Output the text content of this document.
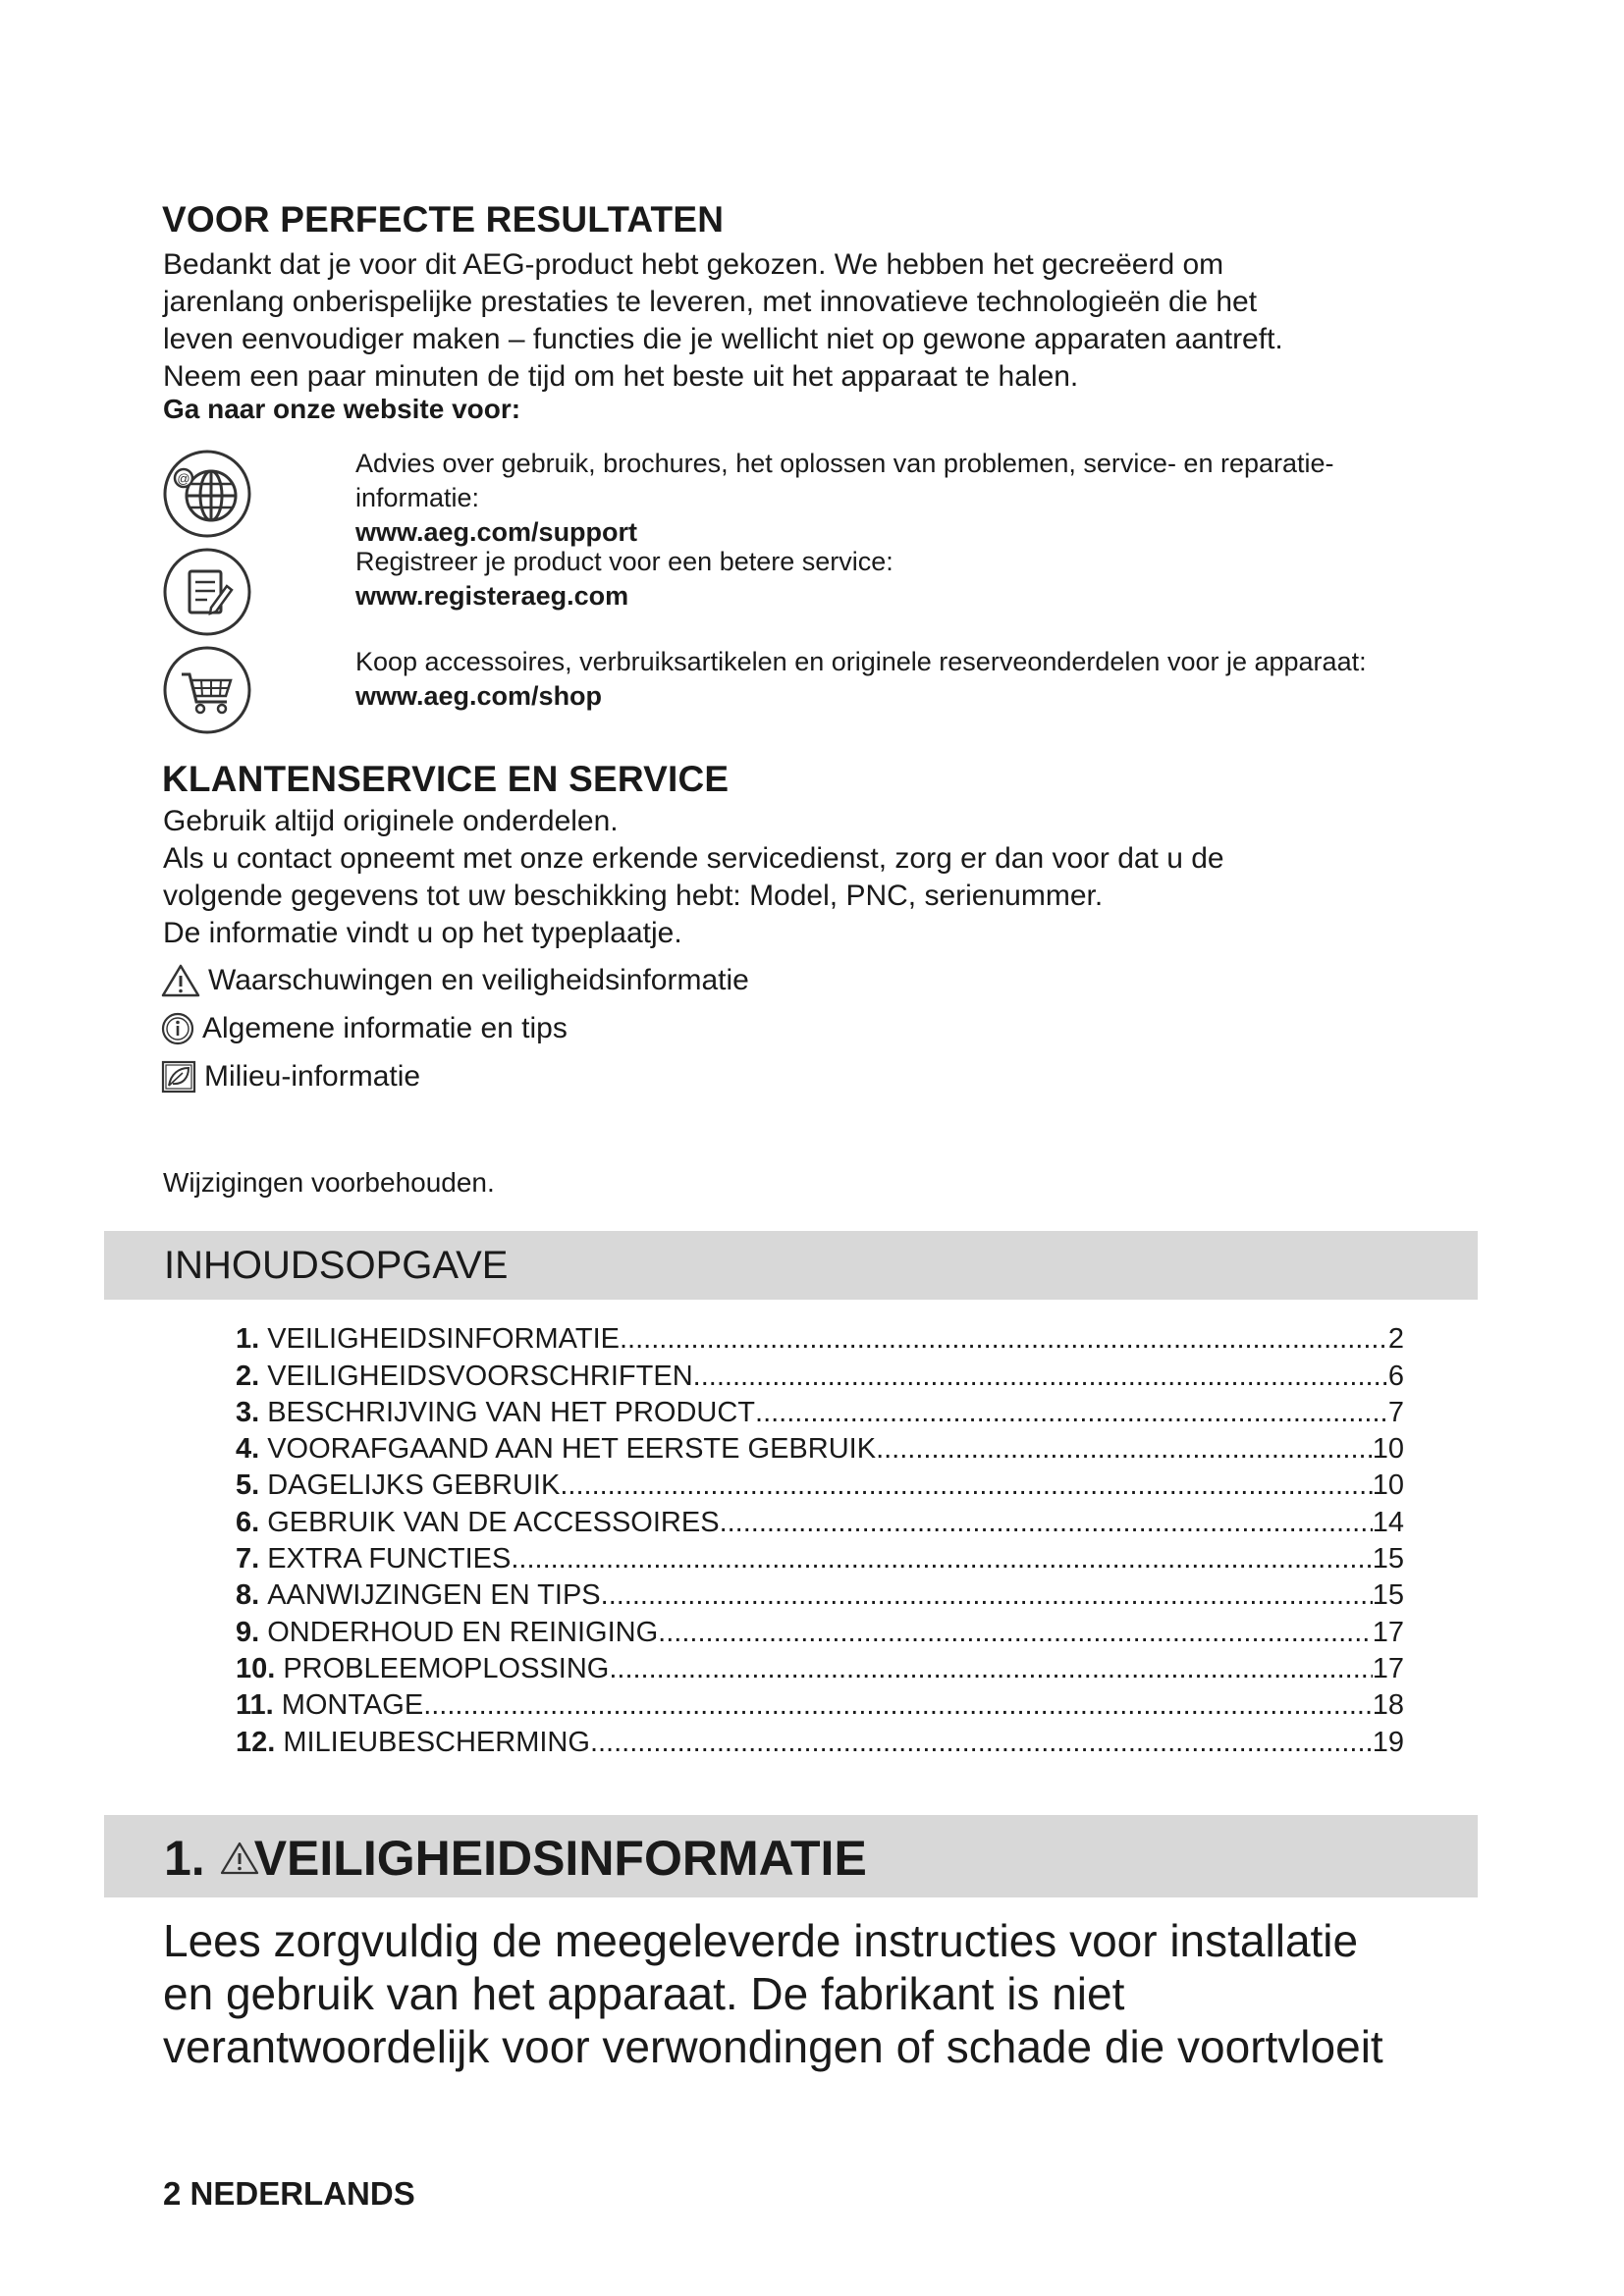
VOOR PERFECTE RESULTATEN

Bedankt dat je voor dit AEG-product hebt gekozen. We hebben het gecreëerd om

jarenlang onberispelijke prestaties te leveren, met innovatieve technologieën die het

leven eenvoudiger maken – functies die je wellicht niet op gewone apparaten aantreft.

Neem een paar minuten de tijd om het beste uit het apparaat te halen.

Ga naar onze website voor:
@
Advies over gebruik, brochures, het oplossen van problemen, service- en reparatie-
informatie:
www.aeg.com/support
Registreer je product voor een betere service:
www.registeraeg.com
Koop accessoires, verbruiksartikelen en originele reserveonderdelen voor je apparaat:
www.aeg.com/shop
KLANTENSERVICE EN SERVICE

Gebruik altijd originele onderdelen.

Als u contact opneemt met onze erkende servicedienst, zorg er dan voor dat u de

volgende gegevens tot uw beschikking hebt: Model, PNC, serienummer.

De informatie vindt u op het typeplaatje.

Waarschuwingen en veiligheidsinformatie
Algemene informatie en tips
Milieu-informatie
Wijzigingen voorbehouden.
INHOUDSOPGAVE
1. VEILIGHEIDSINFORMATIE .....	2
2. VEILIGHEIDSVOORSCHRIFTEN .....	6
3. BESCHRIJVING VAN HET PRODUCT .....	7
4. VOORAFGAAND AAN HET EERSTE GEBRUIK .....	10
5. DAGELIJKS GEBRUIK .....	10
6. GEBRUIK VAN DE ACCESSOIRES .....	14
7. EXTRA FUNCTIES .....	15
8. AANWIJZINGEN EN TIPS .....	15
9. ONDERHOUD EN REINIGING .....	17
10. PROBLEEMOPLOSSING .....	17
11. MONTAGE .....	18
12. MILIEUBESCHERMING .....	19
1. VEILIGHEIDSINFORMATIE
Lees zorgvuldig de meegeleverde instructies voor installatie
en gebruik van het apparaat. De fabrikant is niet
verantwoordelijk voor verwondingen of schade die voortvloeit
2 NEDERLANDS
